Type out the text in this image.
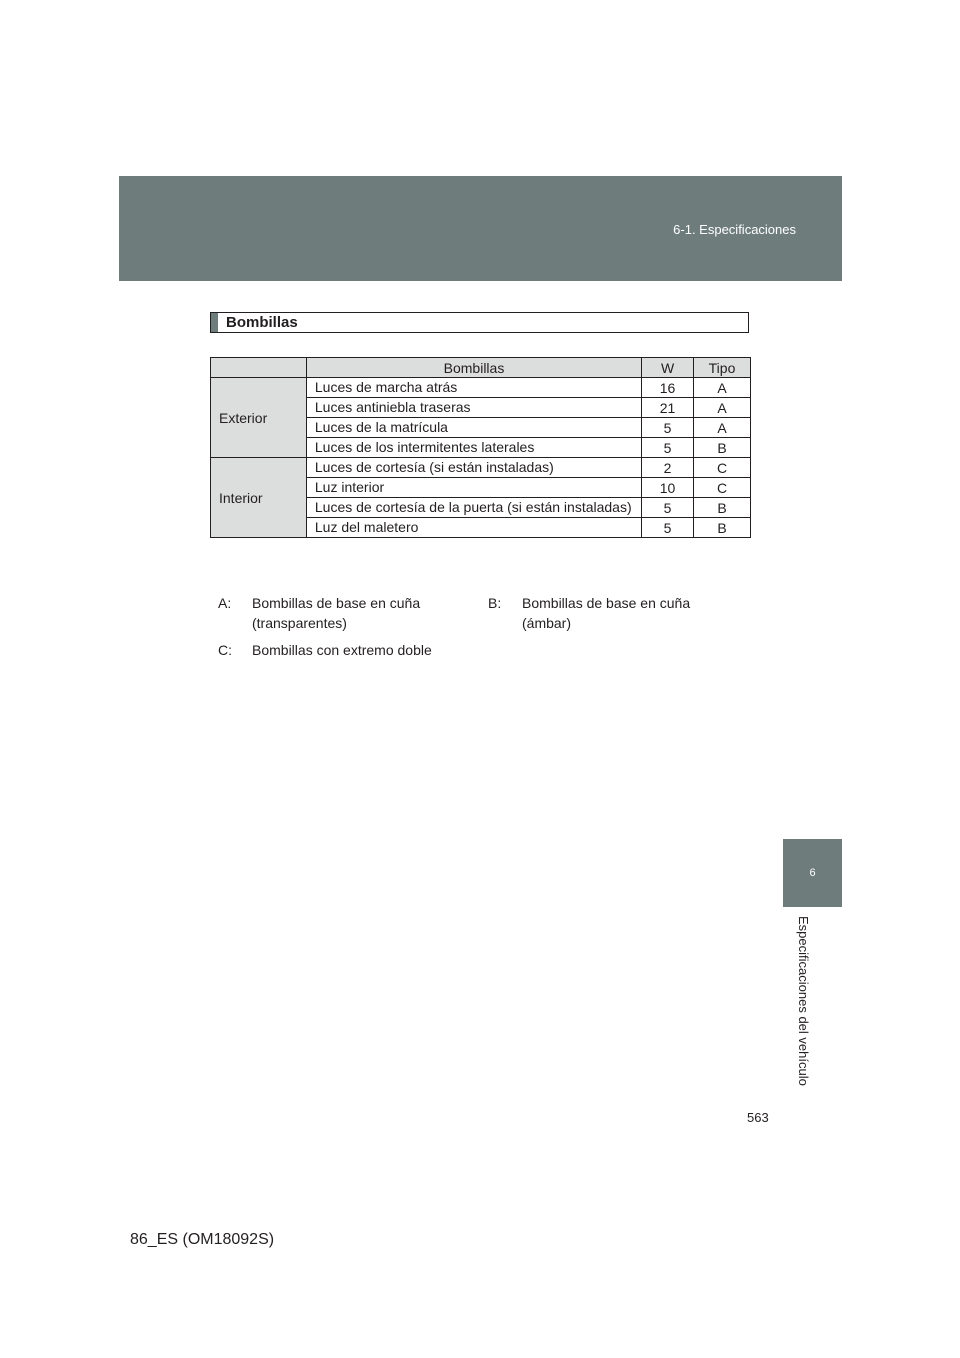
6-1. Especificaciones
6
Especificaciones del vehículo
Bombillas
	Bombillas	W	Tipo
Exterior	Luces de marcha atrás	16	A
	Luces antiniebla traseras	21	A
	Luces de la matrícula	5	A
	Luces de los intermitentes laterales	5	B
Interior	Luces de cortesía (si están instaladas)	2	C
	Luz interior	10	C
	Luces de cortesía de la puerta (si están instaladas)	5	B
	Luz del maletero	5	B
A: Bombillas de base en cuña (transparentes)
B: Bombillas de base en cuña (ámbar)
C: Bombillas con extremo doble
563
86_ES (OM18092S)
